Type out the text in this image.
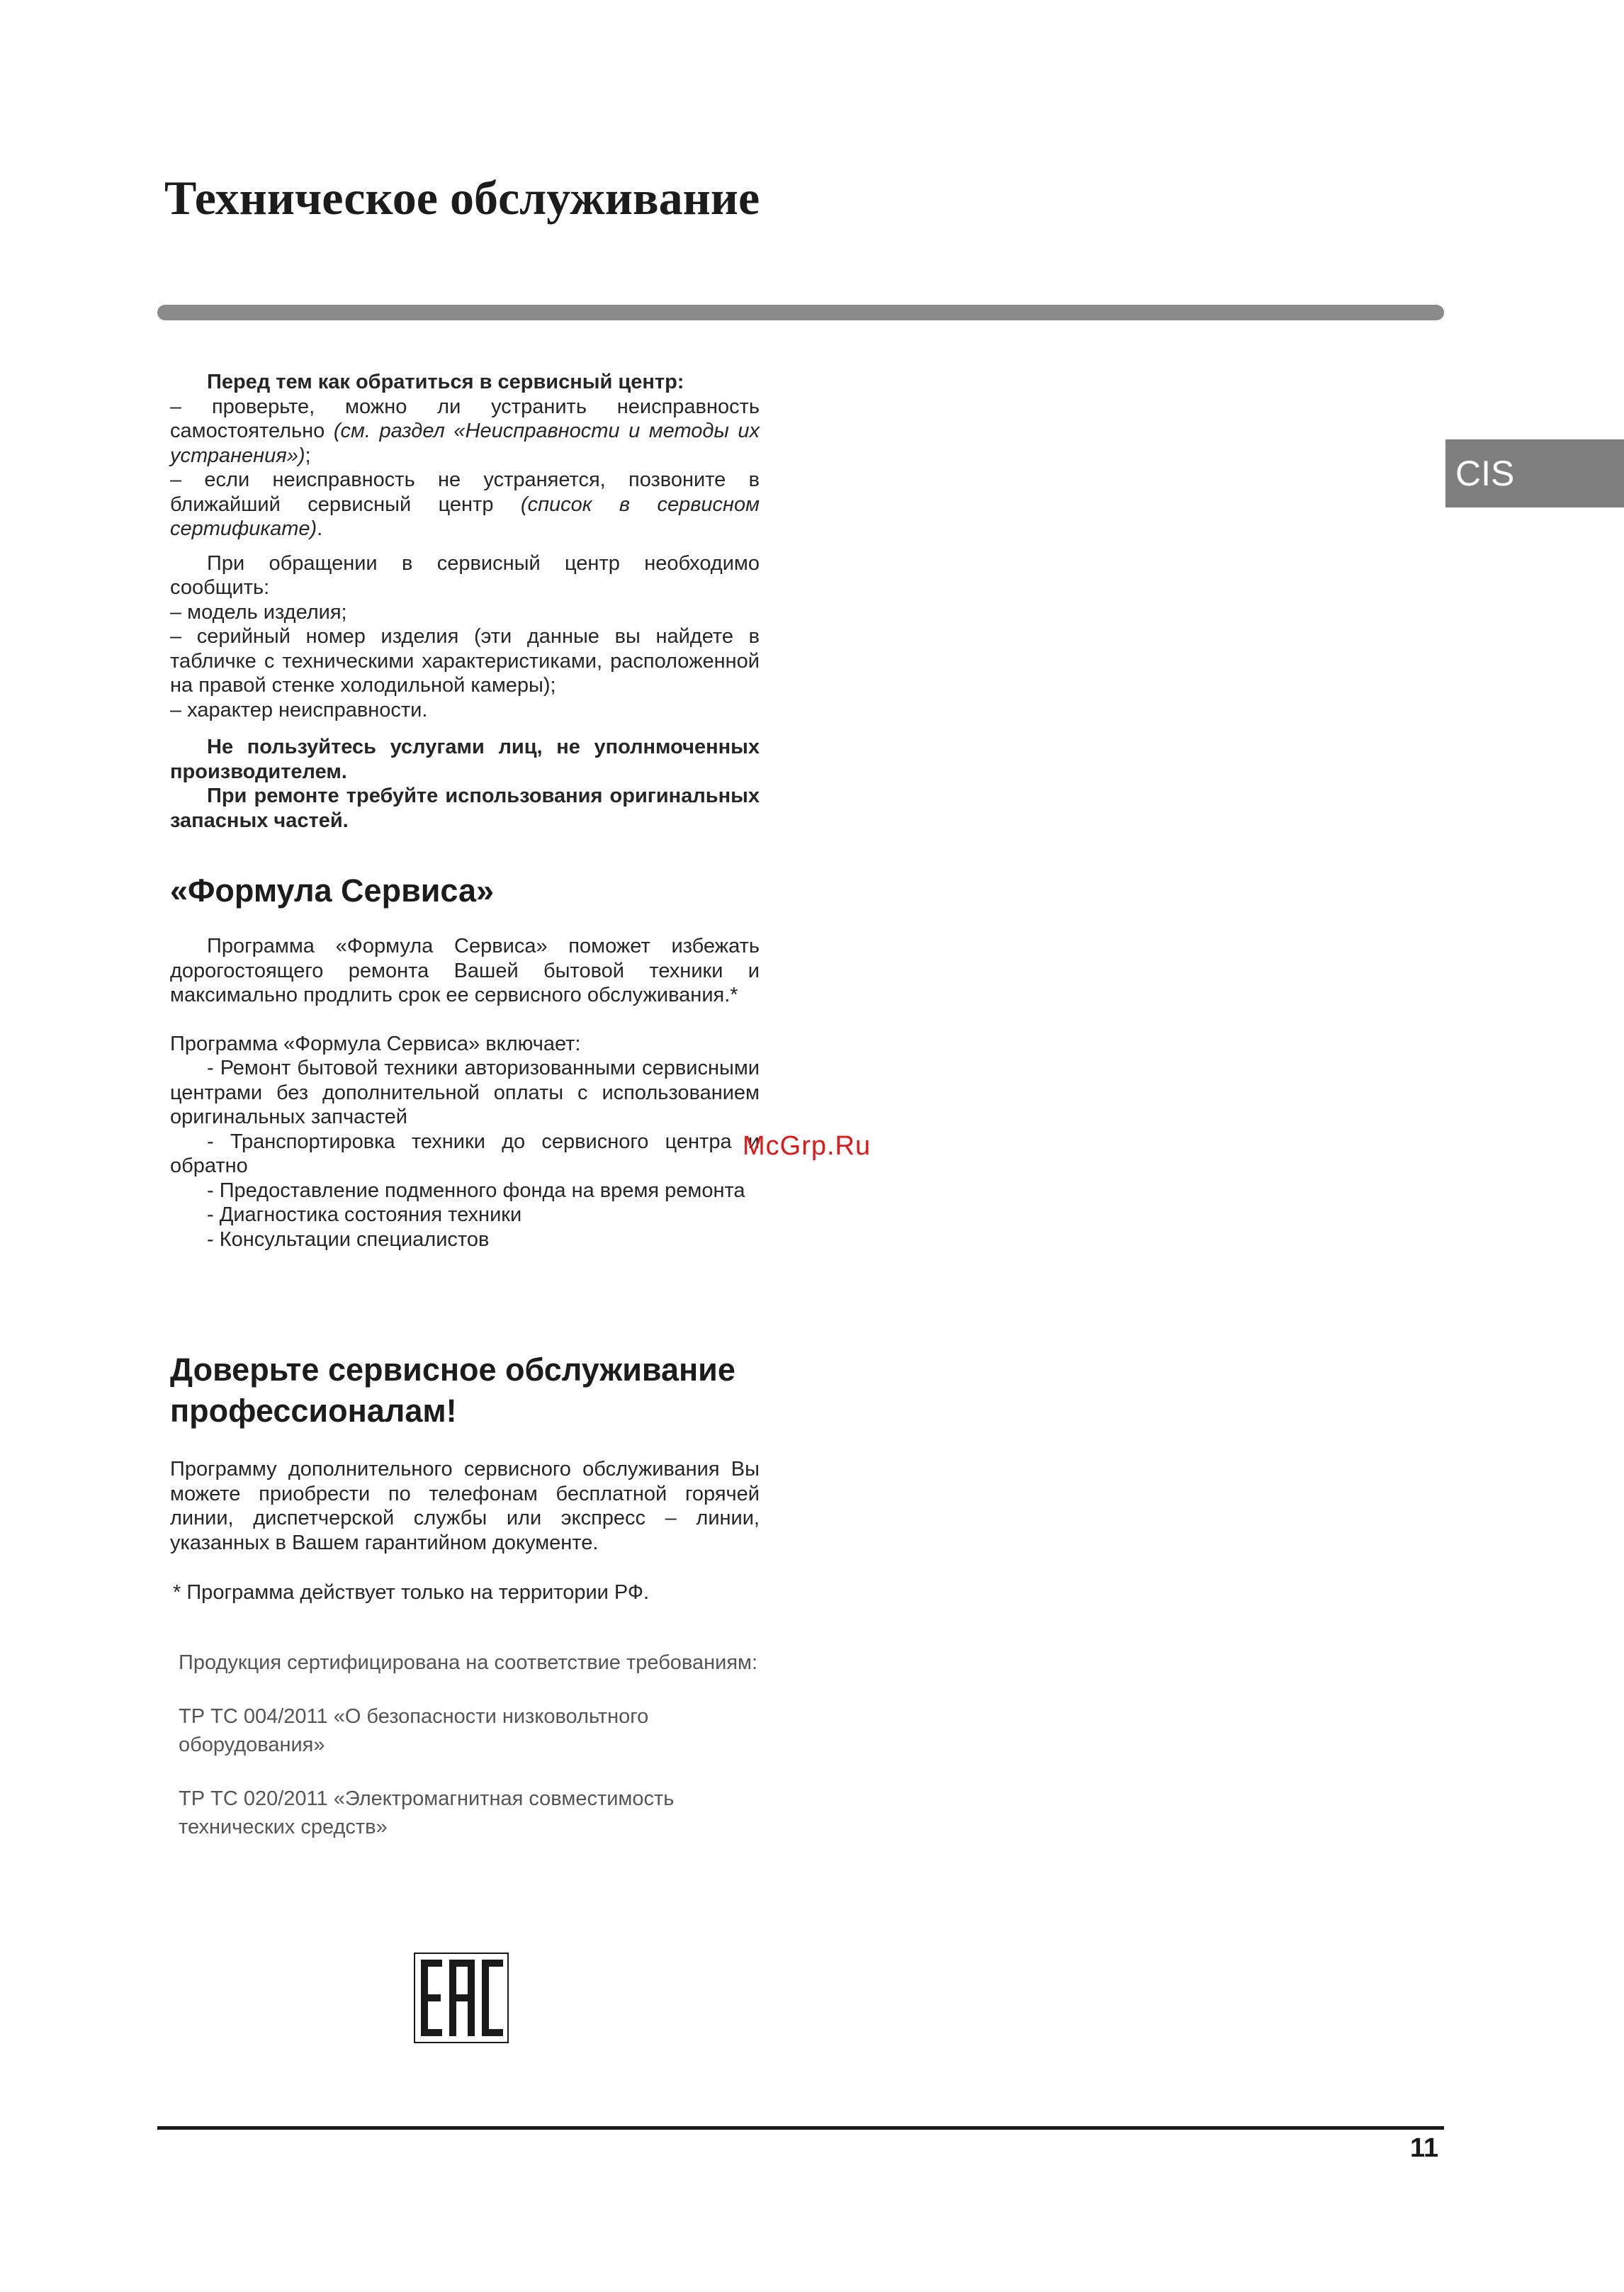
Техническое обслуживание
CIS

Перед тем как обратиться в сервисный центр:

– проверьте, можно ли устранить неисправность самостоятельно (см. раздел «Неисправности и методы их устранения»);

– если неисправность не устраняется, позвоните в ближайший сервисный центр (список в сервисном сертификате).

При обращении в сервисный центр необходимо сообщить:

– модель изделия;

– серийный номер изделия (эти данные вы найдете в табличке с техническими характеристиками, расположенной на правой стенке холодильной камеры);

– характер неисправности.

Не пользуйтесь услугами лиц, не уполнмоченных производителем.

При ремонте требуйте использования оригинальных запасных частей.

«Формула Сервиса»

Программа «Формула Сервиса» поможет избежать дорогостоящего ремонта Вашей бытовой техники и максимально продлить срок ее сервисного обслуживания.*

Программа «Формула Сервиса» включает:

- Ремонт бытовой техники авторизованными сервисными центрами без дополнительной оплаты с использованием оригинальных запчастей

- Транспортировка техники до сервисного центра и обратно

- Предоставление подменного фонда на время ремонта

- Диагностика состояния техники

- Консультации специалистов

Доверьте сервисное обслуживание
профессионалам!

Программу дополнительного сервисного обслуживания Вы можете приобрести по телефонам бесплатной горячей линии, диспетчерской службы или экспресс – линии, указанных в Вашем гарантийном документе.

* Программа действует только на территории РФ.

Продукция сертифицирована на соответствие требованиям:

ТР ТС 004/2011 «О безопасности низковольтного оборудования»

ТР ТС 020/2011 «Электромагнитная совместимость технических средств»

McGrp.Ru
11
